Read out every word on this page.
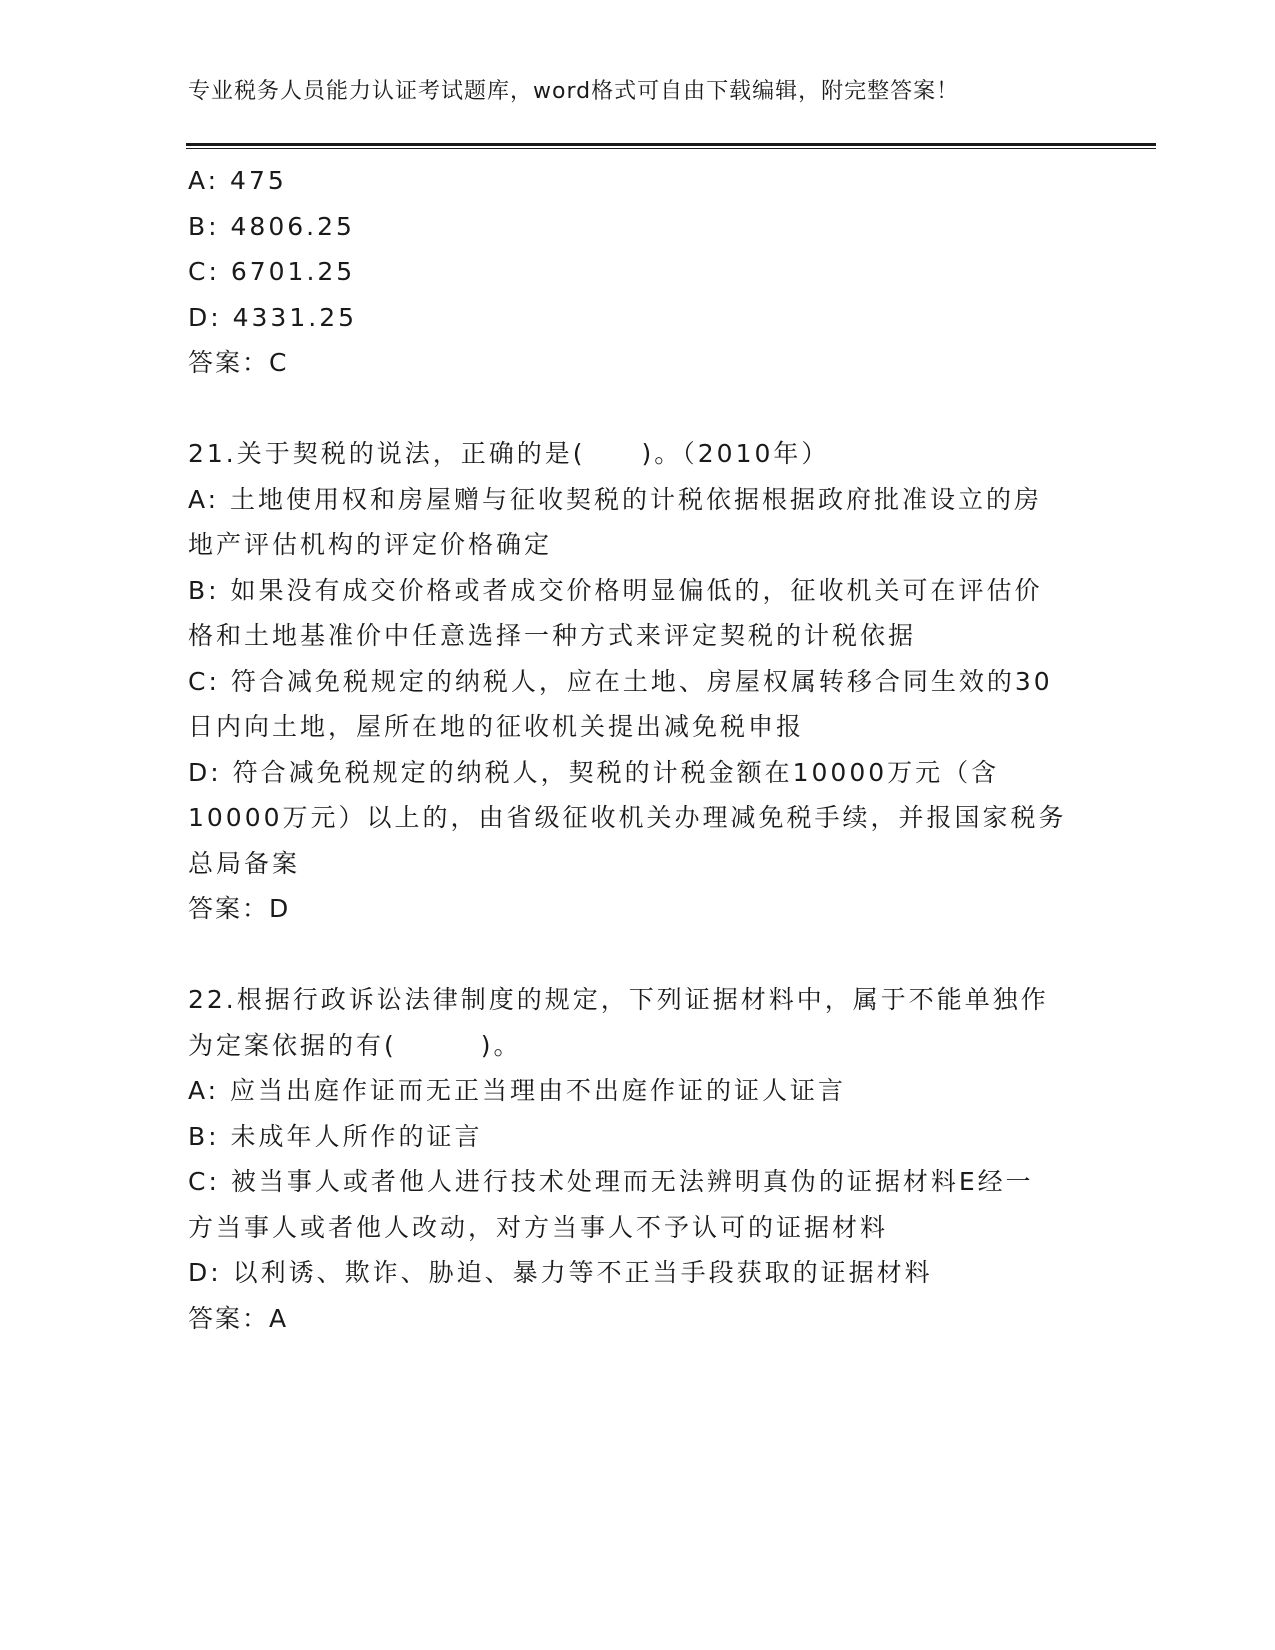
专业税务人员能力认证考试题库，word格式可自由下载编辑，附完整答案！
A: 475
B: 4806.25
C: 6701.25
D: 4331.25
答案：C
21.关于契税的说法，正确的是(　　)。（2010年）
A: 土地使用权和房屋赠与征收契税的计税依据根据政府批准设立的房
地产评估机构的评定价格确定
B: 如果没有成交价格或者成交价格明显偏低的，征收机关可在评估价
格和土地基准价中任意选择一种方式来评定契税的计税依据
C: 符合减免税规定的纳税人，应在土地、房屋权属转移合同生效的30
日内向土地，屋所在地的征收机关提出减免税申报
D: 符合减免税规定的纳税人，契税的计税金额在10000万元（含
10000万元）以上的，由省级征收机关办理减免税手续，并报国家税务
总局备案
答案：D
22.根据行政诉讼法律制度的规定，下列证据材料中，属于不能单独作
为定案依据的有(　　　)。
A: 应当出庭作证而无正当理由不出庭作证的证人证言
B: 未成年人所作的证言
C: 被当事人或者他人进行技术处理而无法辨明真伪的证据材料E经一
方当事人或者他人改动，对方当事人不予认可的证据材料
D: 以利诱、欺诈、胁迫、暴力等不正当手段获取的证据材料
答案：A
